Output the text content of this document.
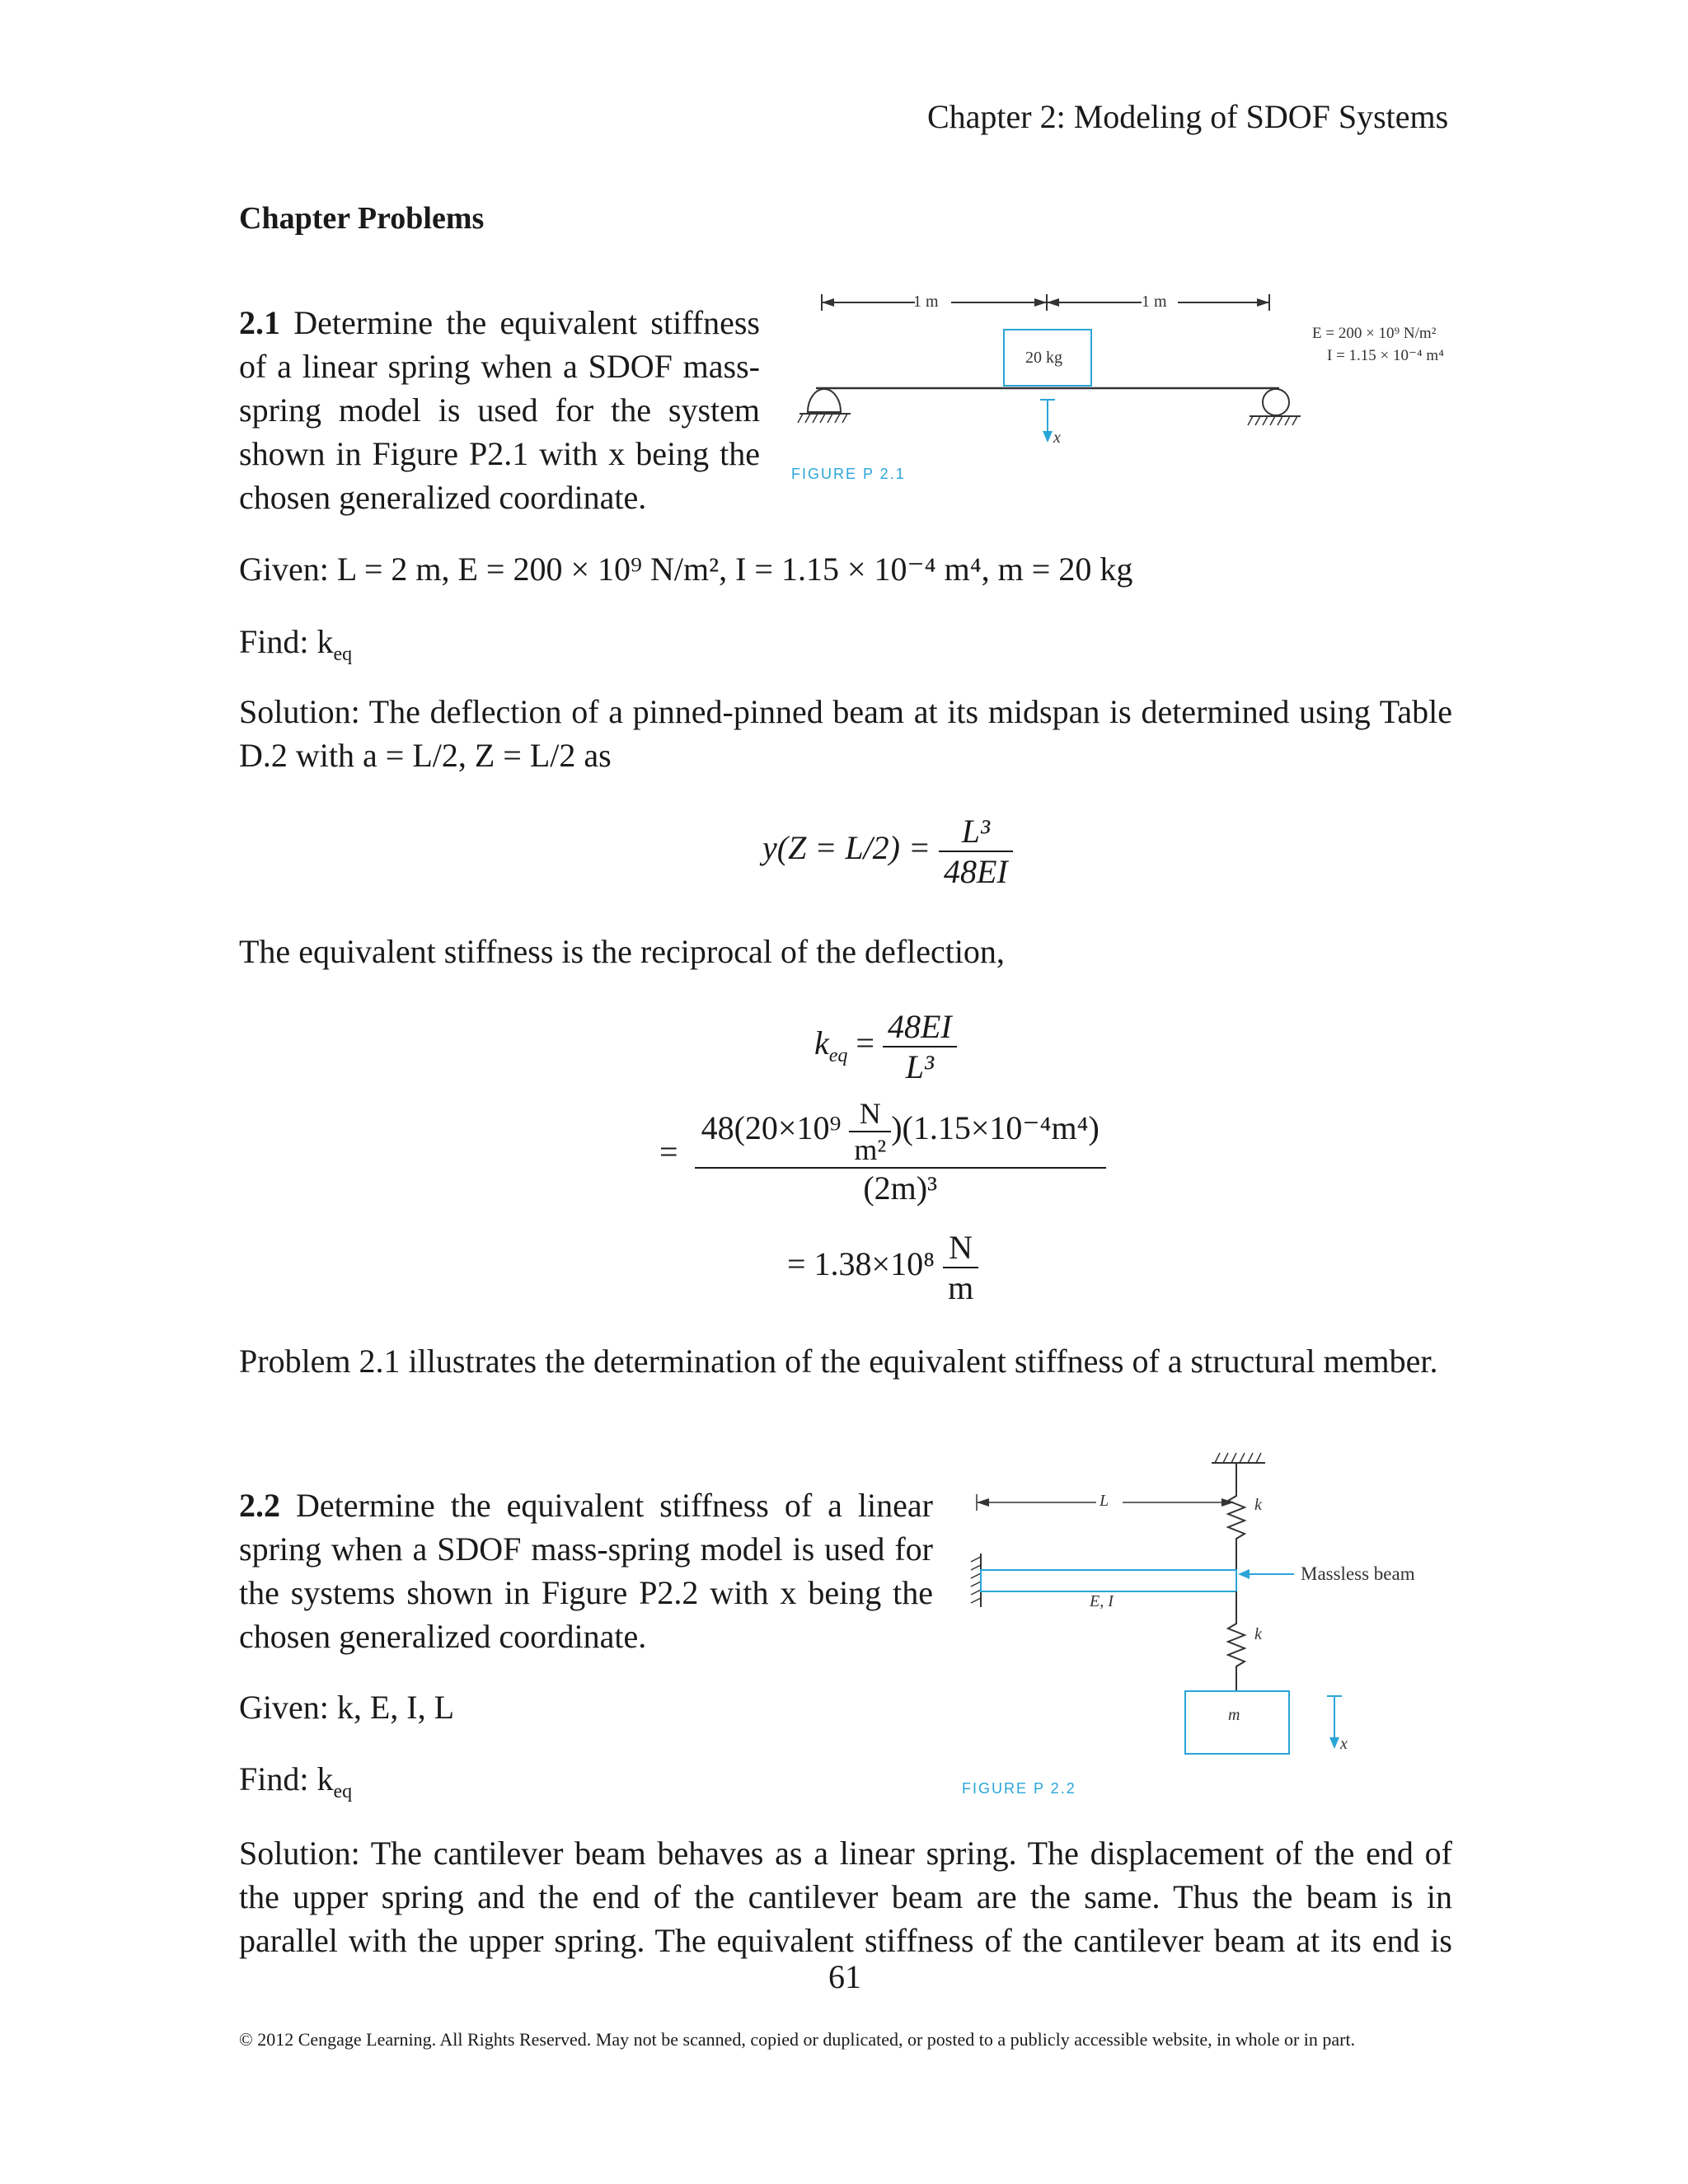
Chapter 2: Modeling of SDOF Systems
Chapter Problems
2.1 Determine the equivalent stiffness
of a linear spring when a SDOF mass-
spring model is used for the system
shown in Figure P2.1 with x being the
chosen generalized coordinate.
1 m	1 m
20 kg
x
E = 200 × 10⁹ N/m²
I = 1.15 × 10⁻⁴ m⁴
FIGURE P 2.1
Given: L = 2 m, E = 200 × 10⁹ N/m², I = 1.15 × 10⁻⁴ m⁴, m = 20 kg
Find: $k_{eq}$
Solution: The deflection of a pinned-pinned beam at its midspan is determined using Table
D.2 with a = L/2, Z = L/2 as
$y(Z = L/2) = \frac{\text{L³}}{48EI}$
The equivalent stiffness is the reciprocal of the deflection,
$k_{eq} = \frac{48EI}{\text{L³}}$
= $\frac{48(20\times 10^9 \frac{N}{\text{m²}} )(1.15\times 10^{-4}m^4)}{\text{(2m)³}}$
= $1.38\times 10^8 \frac{N}{m}$
Problem 2.1 illustrates the determination of the equivalent stiffness of a structural member.
2.2 Determine the equivalent stiffness of a linear
spring when a SDOF mass-spring model is used for
the systems shown in Figure P2.2 with x being the
chosen generalized coordinate.
Given: k, E, I, L
Find: $k_{eq}$
L	k
E, I
Massless beam
k
m
x
FIGURE P 2.2
Solution: The cantilever beam behaves as a linear spring. The displacement of the end of
the upper spring and the end of the cantilever beam are the same. Thus the beam is in
parallel with the upper spring. The equivalent stiffness of the cantilever beam at its end is
61
© 2012 Cengage Learning. All Rights Reserved. May not be scanned, copied or duplicated, or posted to a publicly accessible website, in whole or in part.
